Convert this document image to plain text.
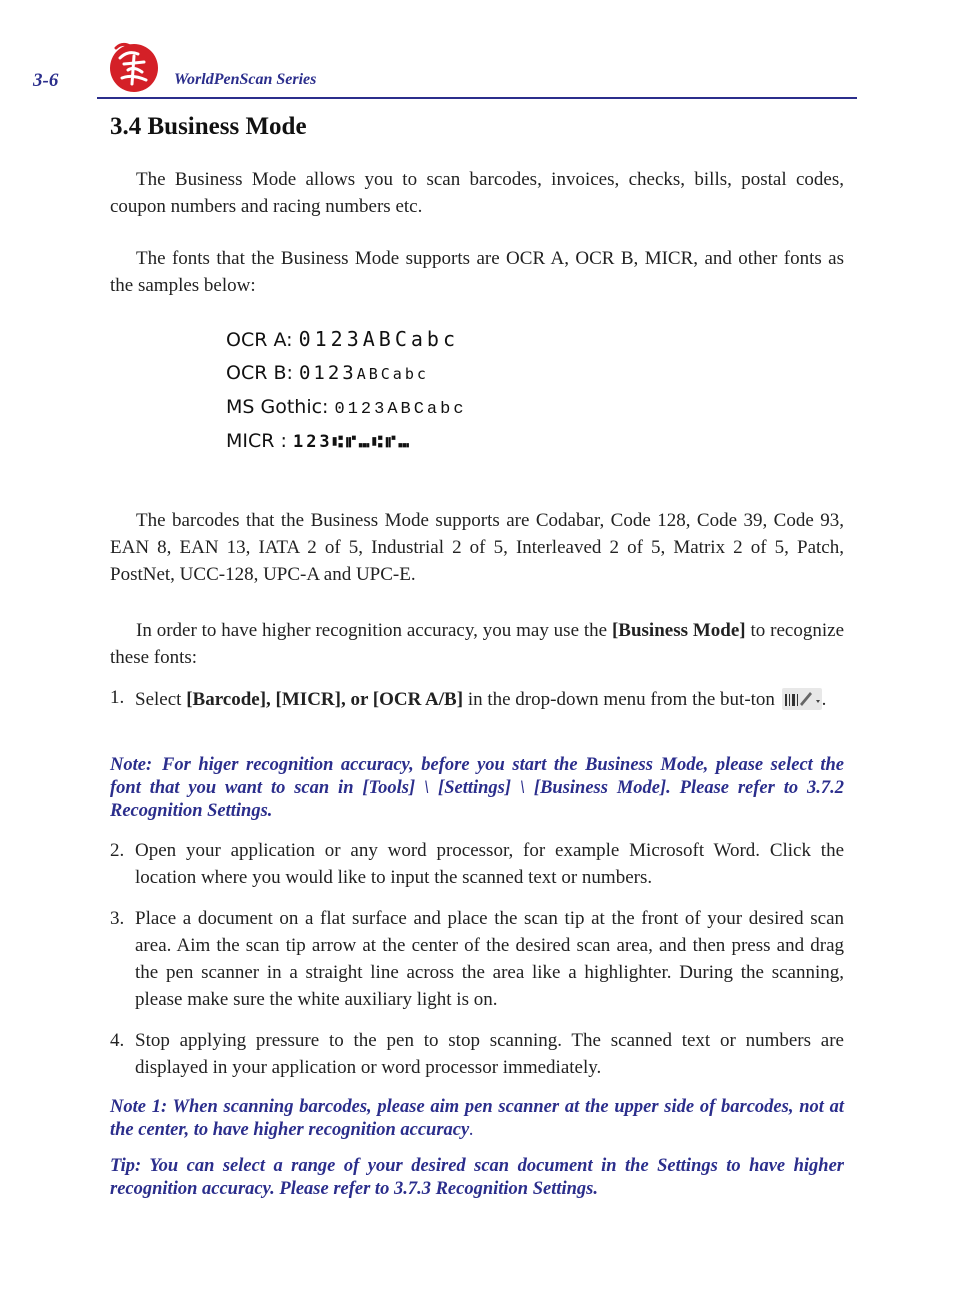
3-6	WorldPenScan Series
3.4 Business Mode

The Business Mode allows you to scan barcodes, invoices, checks, bills, postal codes, coupon numbers and racing numbers etc.

The fonts that the Business Mode supports are OCR A, OCR B, MICR, and other fonts as the samples below:

OCR A: 0123ABCabc
OCR B: 0123ABCabc
MS Gothic: 0123ABCabc
MICR : 123⑆⑈⑉⑆⑈⑉

The barcodes that the Business Mode supports are Codabar, Code 128, Code 39, Code 93, EAN 8, EAN 13, IATA 2 of 5, Industrial 2 of 5, Interleaved 2 of 5, Matrix 2 of 5, Patch, PostNet, UCC-128, UPC-A and UPC-E.

In order to have higher recognition accuracy, you may use the [Business Mode] to recognize these fonts:

1. Select [Barcode], [MICR], or [OCR A/B] in the drop-down menu from the but-ton .
Note: For higer recognition accuracy, before you start the Business Mode, please select the font that you want to scan in [Tools] \ [Settings] \ [Business Mode]. Please refer to 3.7.2 Recognition Settings.
2. Open your application or any word processor, for example Microsoft Word. Click the location where you would like to input the scanned text or numbers.
3. Place a document on a flat surface and place the scan tip at the front of your desired scan area. Aim the scan tip arrow at the center of the desired scan area, and then press and drag the pen scanner in a straight line across the area like a highlighter. During the scanning, please make sure the white auxiliary light is on.
4. Stop applying pressure to the pen to stop scanning. The scanned text or numbers are displayed in your application or word processor immediately.
Note 1: When scanning barcodes, please aim pen scanner at the upper side of barcodes, not at the center, to have higher recognition accuracy.
Tip: You can select a range of your desired scan document in the Settings to have higher recognition accuracy. Please refer to 3.7.3 Recognition Settings.
